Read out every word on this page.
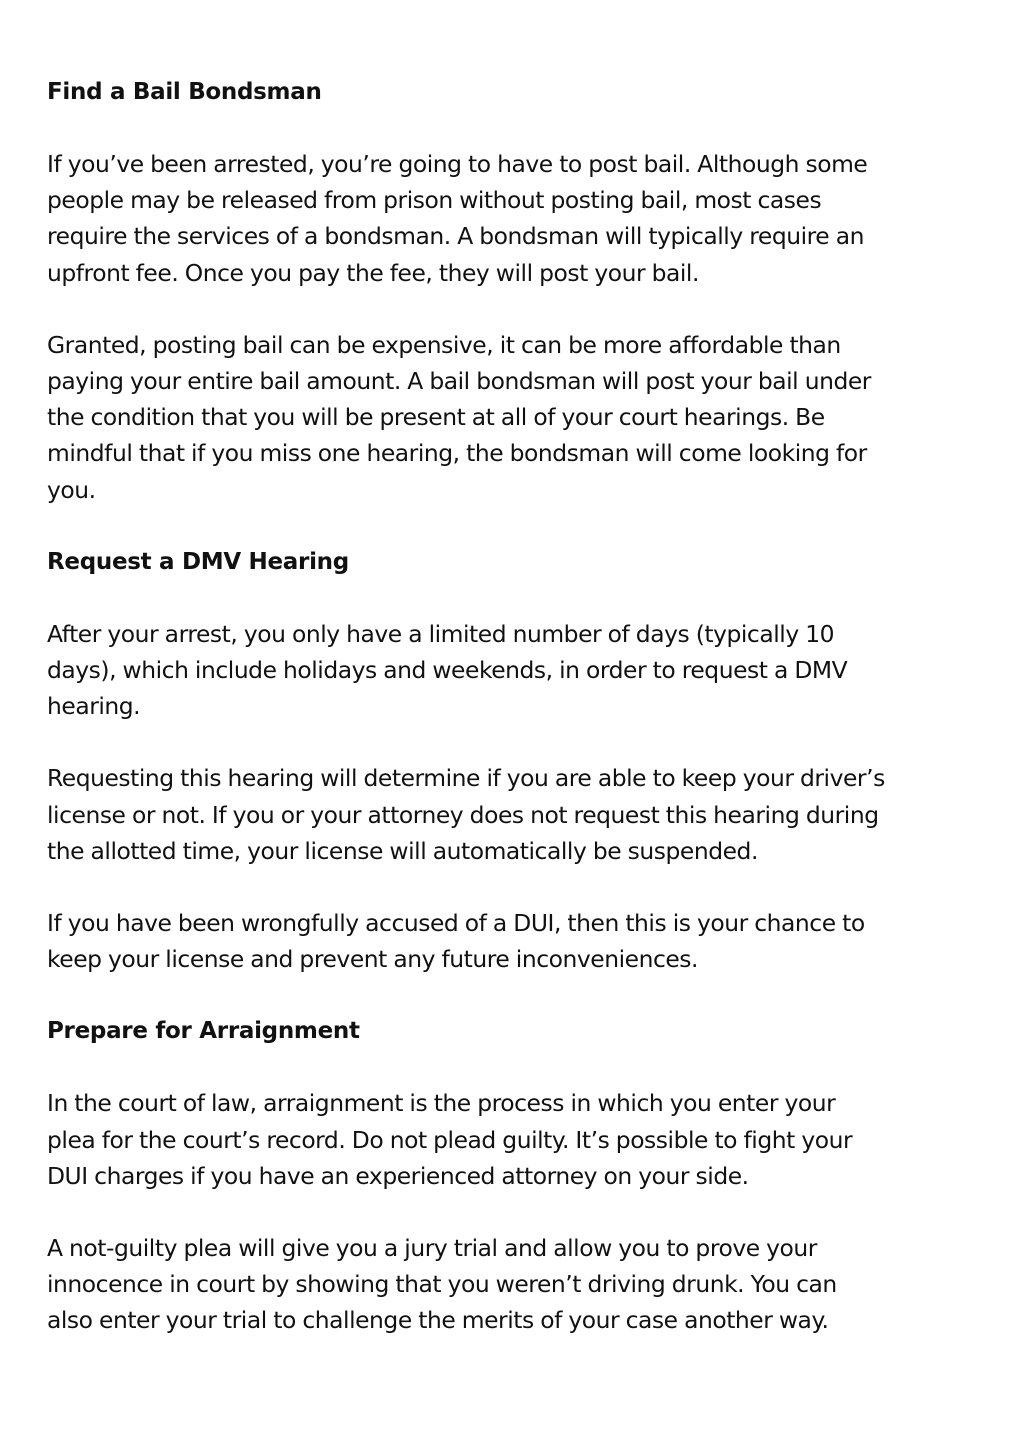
Find a Bail Bondsman

If you’ve been arrested, you’re going to have to post bail. Although some
people may be released from prison without posting bail, most cases
require the services of a bondsman. A bondsman will typically require an
upfront fee. Once you pay the fee, they will post your bail.

Granted, posting bail can be expensive, it can be more affordable than
paying your entire bail amount. A bail bondsman will post your bail under
the condition that you will be present at all of your court hearings. Be
mindful that if you miss one hearing, the bondsman will come looking for
you.

Request a DMV Hearing

After your arrest, you only have a limited number of days (typically 10
days), which include holidays and weekends, in order to request a DMV
hearing.

Requesting this hearing will determine if you are able to keep your driver’s
license or not. If you or your attorney does not request this hearing during
the allotted time, your license will automatically be suspended.

If you have been wrongfully accused of a DUI, then this is your chance to
keep your license and prevent any future inconveniences.

Prepare for Arraignment

In the court of law, arraignment is the process in which you enter your
plea for the court’s record. Do not plead guilty. It’s possible to fight your
DUI charges if you have an experienced attorney on your side.

A not-guilty plea will give you a jury trial and allow you to prove your
innocence in court by showing that you weren’t driving drunk. You can
also enter your trial to challenge the merits of your case another way.
